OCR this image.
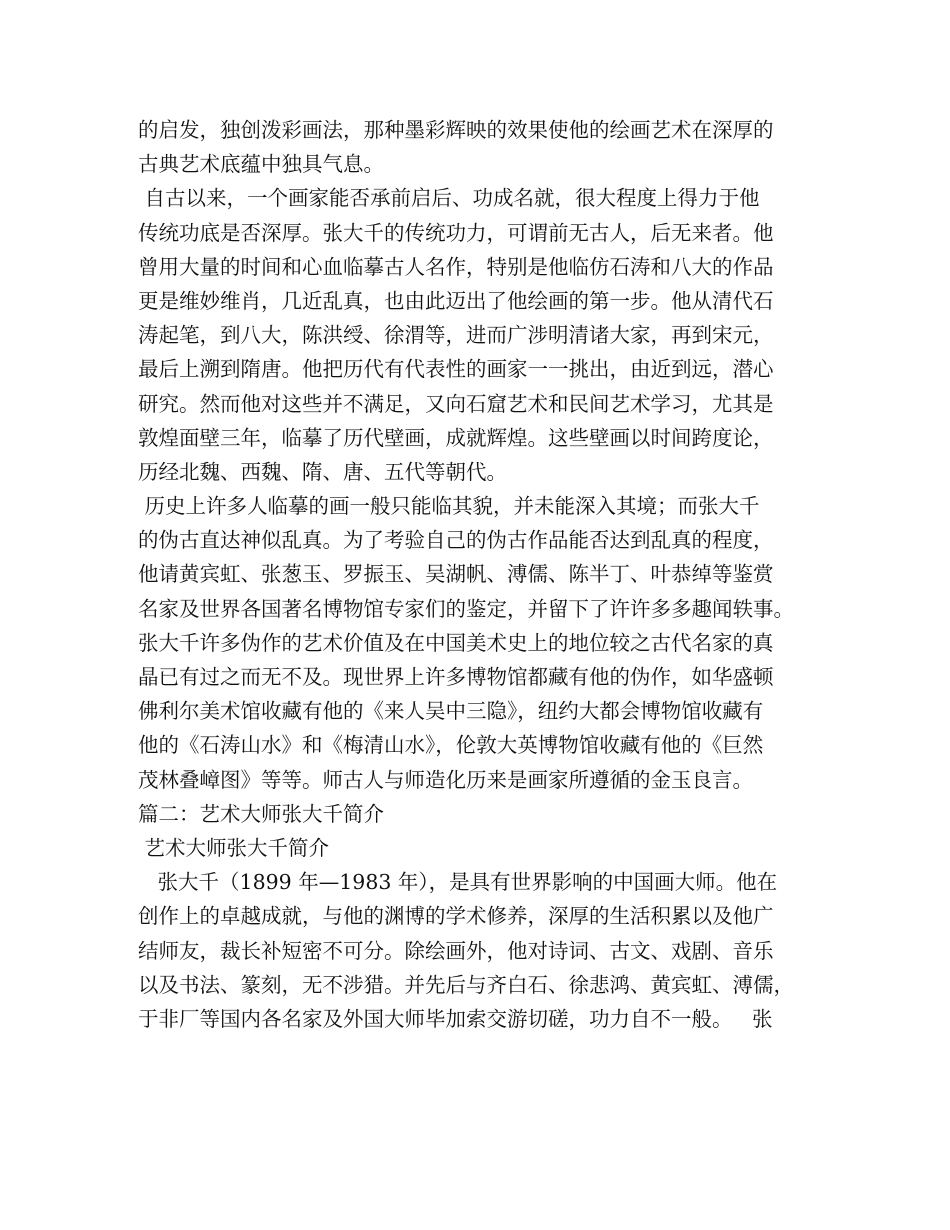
的启发，独创泼彩画法，那种墨彩辉映的效果使他的绘画艺术在深厚的
古典艺术底蕴中独具气息。
自古以来，一个画家能否承前启后、功成名就，很大程度上得力于他
传统功底是否深厚。张大千的传统功力，可谓前无古人，后无来者。他
曾用大量的时间和心血临摹古人名作，特别是他临仿石涛和八大的作品
更是维妙维肖，几近乱真，也由此迈出了他绘画的第一步。他从清代石
涛起笔，到八大，陈洪绶、徐渭等，进而广涉明清诸大家，再到宋元，
最后上溯到隋唐。他把历代有代表性的画家一一挑出，由近到远，潜心
研究。然而他对这些并不满足，又向石窟艺术和民间艺术学习，尤其是
敦煌面壁三年，临摹了历代壁画，成就辉煌。这些壁画以时间跨度论，
历经北魏、西魏、隋、唐、五代等朝代。
历史上许多人临摹的画一般只能临其貌，并未能深入其境；而张大千
的伪古直达神似乱真。为了考验自己的伪古作品能否达到乱真的程度，
他请黄宾虹、张葱玉、罗振玉、吴湖帆、溥儒、陈半丁、叶恭绰等鉴赏
名家及世界各国著名博物馆专家们的鉴定，并留下了许许多多趣闻轶事。
张大千许多伪作的艺术价值及在中国美术史上的地位较之古代名家的真
晶已有过之而无不及。现世界上许多博物馆都藏有他的伪作，如华盛顿
佛利尔美术馆收藏有他的《来人吴中三隐》，纽约大都会博物馆收藏有
他的《石涛山水》和《梅清山水》，伦敦大英博物馆收藏有他的《巨然
茂林叠嶂图》等等。师古人与师造化历来是画家所遵循的金玉良言。
篇二：艺术大师张大千简介
艺术大师张大千简介
张大千（1899 年—1983 年），是具有世界影响的中国画大师。他在
创作上的卓越成就，与他的渊博的学术修养，深厚的生活积累以及他广
结师友，裁长补短密不可分。除绘画外，他对诗词、古文、戏剧、音乐
以及书法、篆刻，无不涉猎。并先后与齐白石、徐悲鸿、黄宾虹、溥儒，
于非厂等国内各名家及外国大师毕加索交游切磋，功力自不一般。   张
